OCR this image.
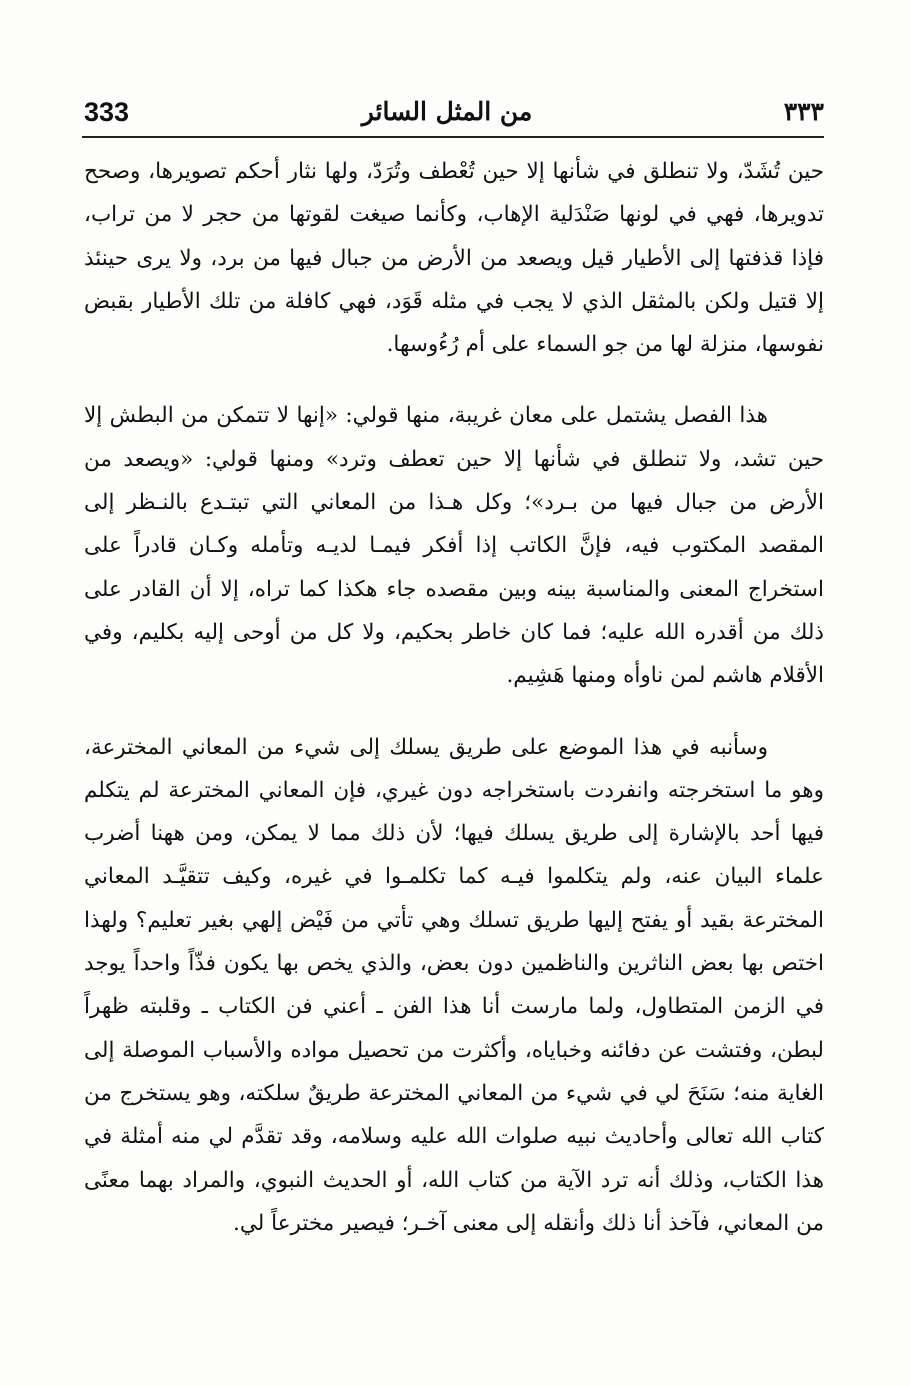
333	من المثل السائر	٣٣٣

حين تُشَدّ، ولا تنطلق في شأنها إلا حين تُعْطف وتُرَدّ، ولها نثار أحكم تصويرها، وصحح تدويرها، فهي في لونها صَنْدَلية الإهاب، وكأنما صيغت لقوتها من حجر لا من تراب، فإذا قذفتها إلى الأطيار قيل ويصعد من الأرض من جبال فيها من برد، ولا يرى حينئذ إلا قتيل ولكن بالمثقل الذي لا يجب في مثله قَوَد، فهي كافلة من تلك الأطيار بقبض نفوسها، منزلة لها من جو السماء على أم رُءُوسها.

هذا الفصل يشتمل على معان غريبة، منها قولي: «إنها لا تتمكن من البطش إلا حين تشد، ولا تنطلق في شأنها إلا حين تعطف وترد» ومنها قولي: «ويصعد من الأرض من جبال فيها من بـرد»؛ وكل هـذا من المعاني التي تبتـدع بالنـظر إلى المقصد المكتوب فيه، فإنَّ الكاتب إذا أفكر فيمـا لديـه وتأمله وكـان قادراً على استخراج المعنى والمناسبة بينه وبين مقصده جاء هكذا كما تراه، إلا أن القادر على ذلك من أقدره الله عليه؛ فما كان خاطر بحكيم، ولا كل من أوحى إليه بكليم، وفي الأقلام هاشم لمن ناوأه ومنها هَشِيم.

وسأنبه في هذا الموضع على طريق يسلك إلى شيء من المعاني المخترعة، وهو ما استخرجته وانفردت باستخراجه دون غيري، فإن المعاني المخترعة لم يتكلم فيها أحد بالإشارة إلى طريق يسلك فيها؛ لأن ذلك مما لا يمكن، ومن ههنا أضرب علماء البيان عنه، ولم يتكلموا فيـه كما تكلمـوا في غيره، وكيف تتقيَّـد المعاني المخترعة بقيد أو يفتح إليها طريق تسلك وهي تأتي من فَيْض إلهي بغير تعليم؟ ولهذا اختص بها بعض الناثرين والناظمين دون بعض، والذي يخص بها يكون فذّاً واحداً يوجد في الزمن المتطاول، ولما مارست أنا هذا الفن ـ أعني فن الكتاب ـ وقلبته ظهراً لبطن، وفتشت عن دفائنه وخباياه، وأكثرت من تحصيل مواده والأسباب الموصلة إلى الغاية منه؛ سَنَحَ لي في شيء من المعاني المخترعة طريقٌ سلكته، وهو يستخرج من كتاب الله تعالى وأحاديث نبيه صلوات الله عليه وسلامه، وقد تقدَّم لي منه أمثلة في هذا الكتاب، وذلك أنه ترد الآية من كتاب الله، أو الحديث النبوي، والمراد بهما معنًى من المعاني، فآخذ أنا ذلك وأنقله إلى معنى آخـر؛ فيصير مخترعاً لي.
